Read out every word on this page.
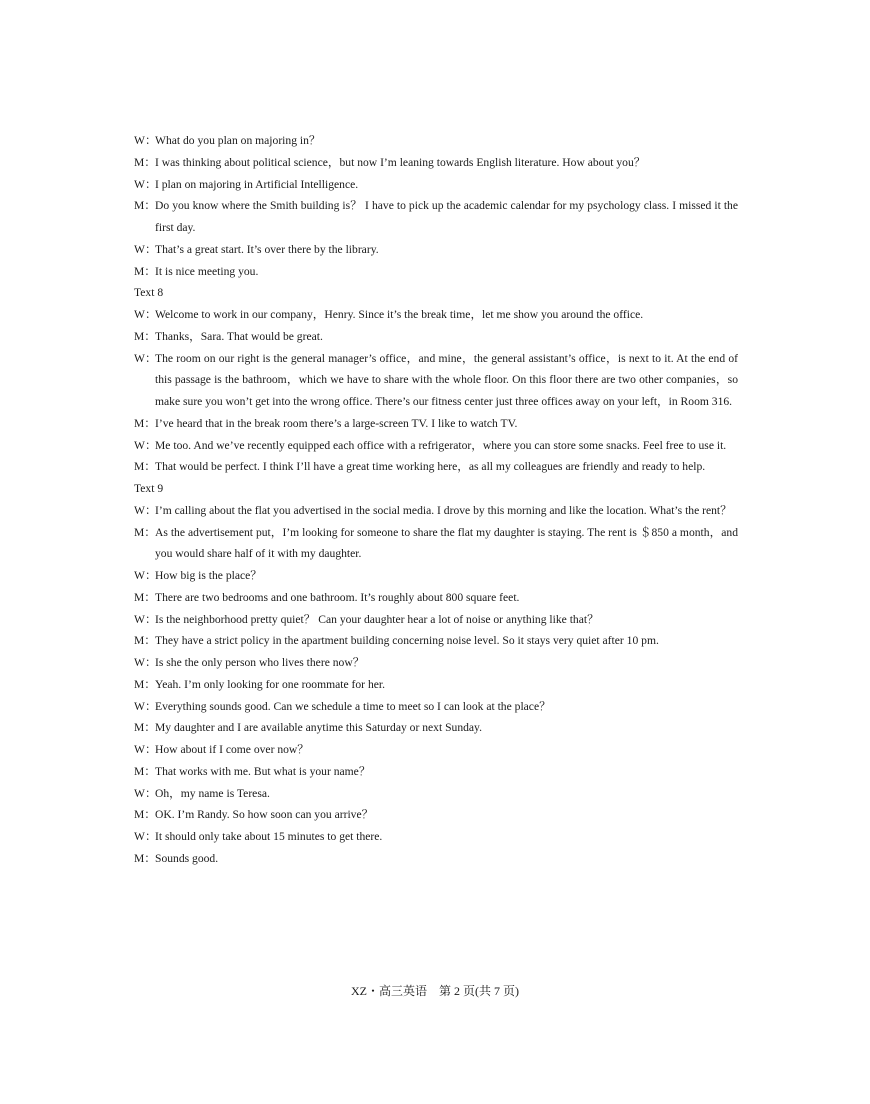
W：
What do you plan on majoring in？
M： I was thinking about political science，but now I’m leaning towards English literature. How about you？
W：
I plan on majoring in Artificial Intelligence.
M： Do you know where the Smith building is？ I have to pick up the academic calendar for my psychology class. I missed it the first day.
W：
That’s a great start. It’s over there by the library.
M： It is nice meeting you.
Text 8
W：
Welcome to work in our company，Henry. Since it’s the break time，let me show you around the office.
M： Thanks，Sara. That would be great.
W：
The room on our right is the general manager’s office，and mine，the general assistant’s office，is next to it. At the end of this passage is the bathroom，which we have to share with the whole floor. On this floor there are two other companies，so make sure you won’t get into the wrong office. There’s our fitness center just three offices away on your left，in Room 316.
M： I’ve heard that in the break room there’s a large-screen TV. I like to watch TV.
W：
Me too. And we’ve recently equipped each office with a refrigerator，where you can store some snacks. Feel free to use it.
M： That would be perfect. I think I’ll have a great time working here，as all my colleagues are friendly and ready to help.
Text 9
W：
I’m calling about the flat you advertised in the social media. I drove by this morning and like the location. What’s the rent？
M： As the advertisement put，I’m looking for someone to share the flat my daughter is staying. The rent is ＄850 a month，and you would share half of it with my daughter.
W：
How big is the place？
M： There are two bedrooms and one bathroom. It’s roughly about 800 square feet.
W：
Is the neighborhood pretty quiet？ Can your daughter hear a lot of noise or anything like that？
M： They have a strict policy in the apartment building concerning noise level. So it stays very quiet after 10 pm.
W：
Is she the only person who lives there now？
M： Yeah. I’m only looking for one roommate for her.
W：
Everything sounds good. Can we schedule a time to meet so I can look at the place？
M： My daughter and I are available anytime this Saturday or next Sunday.
W：
How about if I come over now？
M： That works with me. But what is your name？
W：
Oh，my name is Teresa.
M： OK. I’m Randy. So how soon can you arrive？
W：
It should only take about 15 minutes to get there.
M： Sounds good.
XZ・高三英语　第 2 页(共 7 页)
